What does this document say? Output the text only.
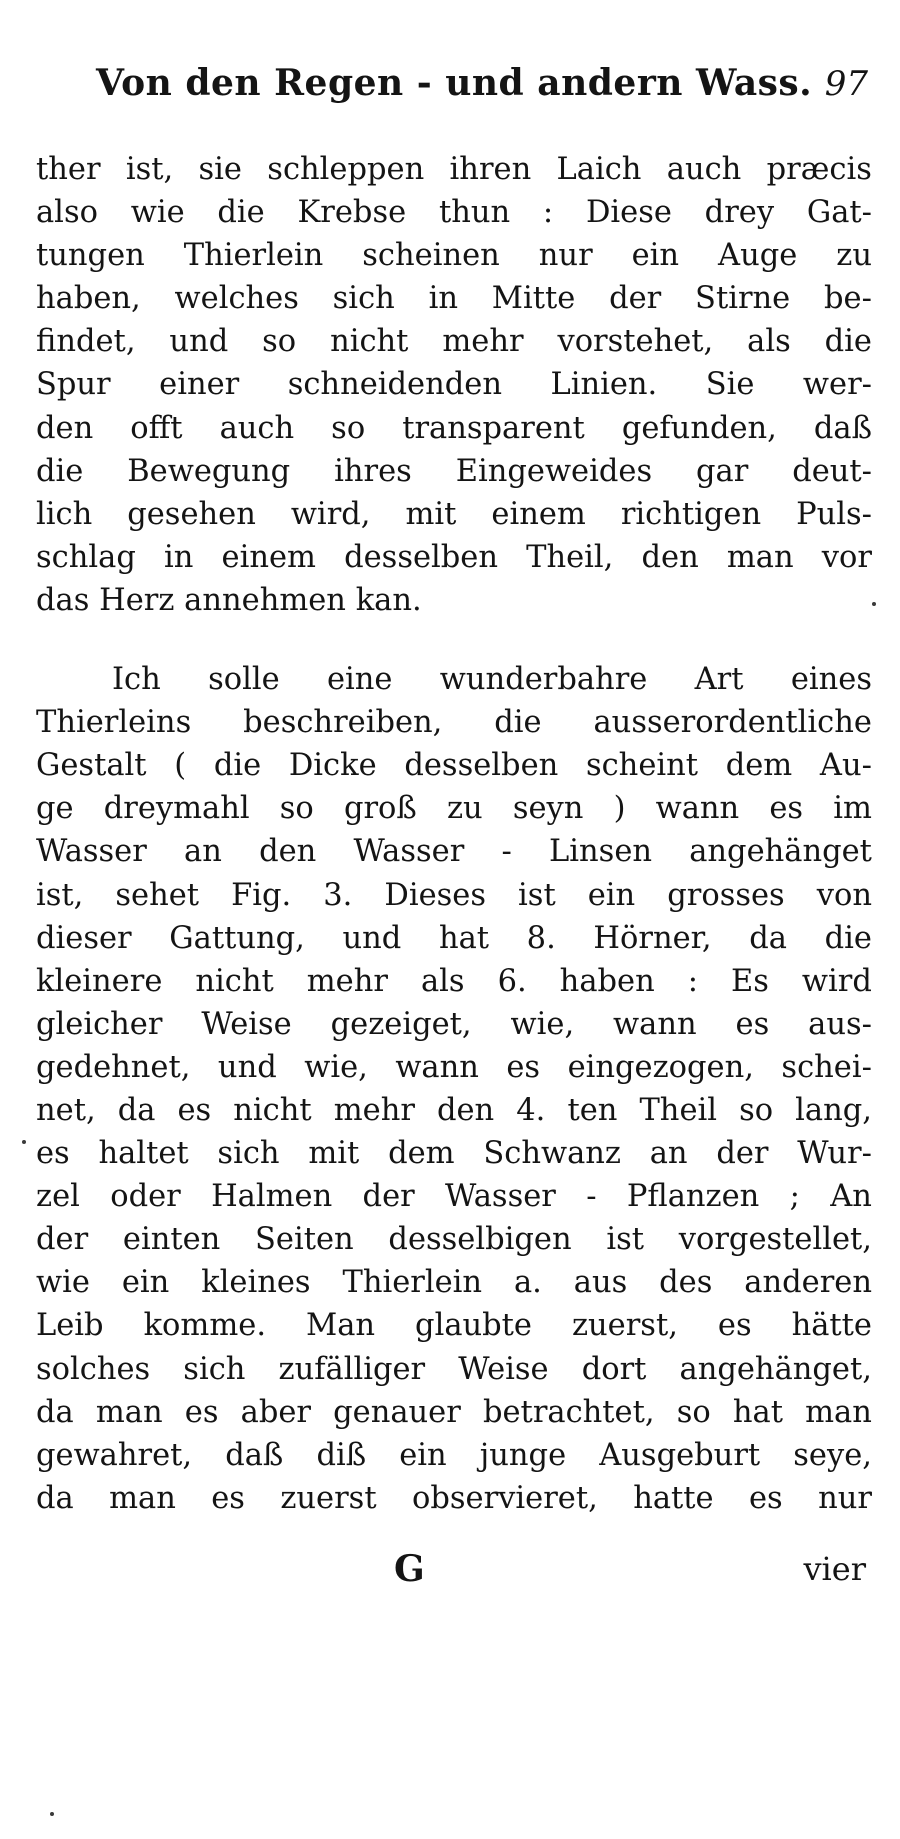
Von den Regen - und andern Wass. 97
ther ist, sie schleppen ihren Laich auch præcis
also wie die Krebse thun : Diese drey Gat-
tungen Thierlein scheinen nur ein Auge zu
haben, welches sich in Mitte der Stirne be-
findet, und so nicht mehr vorstehet, als die
Spur einer schneidenden Linien. Sie wer-
den offt auch so transparent gefunden, daß
die Bewegung ihres Eingeweides gar deut-
lich gesehen wird, mit einem richtigen Puls-
schlag in einem desselben Theil, den man vor
das Herz annehmen kan.
Ich solle eine wunderbahre Art eines
Thierleins beschreiben, die ausserordentliche
Gestalt ( die Dicke desselben scheint dem Au-
ge dreymahl so groß zu seyn ) wann es im
Wasser an den Wasser - Linsen angehänget
ist, sehet Fig. 3. Dieses ist ein grosses von
dieser Gattung, und hat 8. Hörner, da die
kleinere nicht mehr als 6. haben : Es wird
gleicher Weise gezeiget, wie, wann es aus-
gedehnet, und wie, wann es eingezogen, schei-
net, da es nicht mehr den 4. ten Theil so lang,
es haltet sich mit dem Schwanz an der Wur-
zel oder Halmen der Wasser - Pflanzen ; An
der einten Seiten desselbigen ist vorgestellet,
wie ein kleines Thierlein a. aus des anderen
Leib komme. Man glaubte zuerst, es hätte
solches sich zufälliger Weise dort angehänget,
da man es aber genauer betrachtet, so hat man
gewahret, daß diß ein junge Ausgeburt seye,
da man es zuerst observieret, hatte es nur
G	vier
